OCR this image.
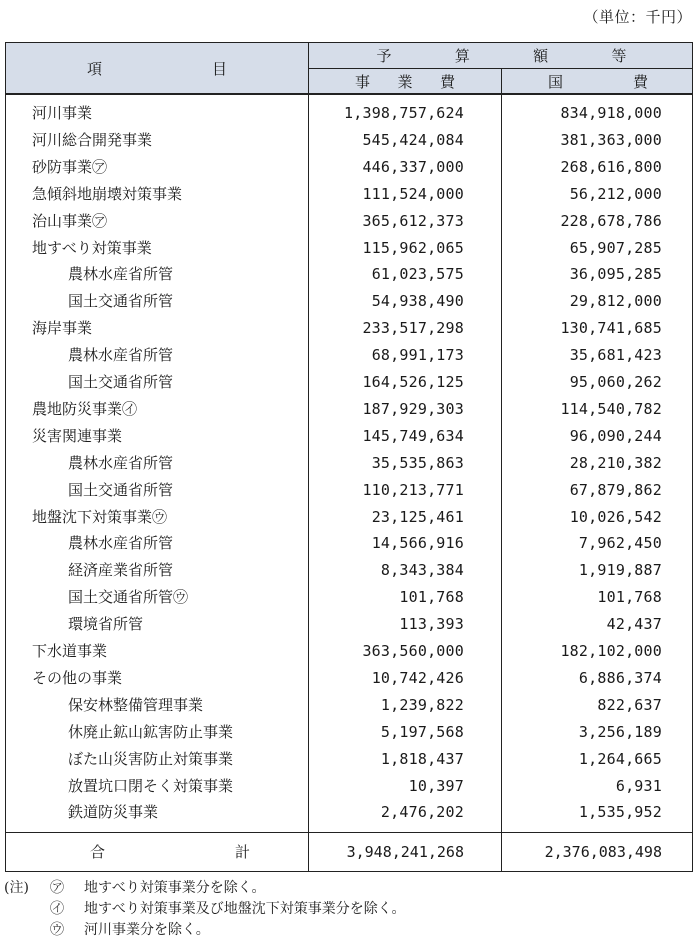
（単位：千円）
項	目
予	算	額	等
事 業 費	国	費
河川事業	1,398,757,624	834,918,000
河川総合開発事業	545,424,084	381,363,000
砂防事業㋐	446,337,000	268,616,800
急傾斜地崩壊対策事業	111,524,000	56,212,000
治山事業㋐	365,612,373	228,678,786
地すべり対策事業	115,962,065	65,907,285
農林水産省所管	61,023,575	36,095,285
国土交通省所管	54,938,490	29,812,000
海岸事業	233,517,298	130,741,685
農林水産省所管	68,991,173	35,681,423
国土交通省所管	164,526,125	95,060,262
農地防災事業㋑	187,929,303	114,540,782
災害関連事業	145,749,634	96,090,244
農林水産省所管	35,535,863	28,210,382
国土交通省所管	110,213,771	67,879,862
地盤沈下対策事業㋒	23,125,461	10,026,542
農林水産省所管	14,566,916	7,962,450
経済産業省所管	8,343,384	1,919,887
国土交通省所管㋒	101,768	101,768
環境省所管	113,393	42,437
下水道事業	363,560,000	182,102,000
その他の事業	10,742,426	6,886,374
保安林整備管理事業	1,239,822	822,637
休廃止鉱山鉱害防止事業	5,197,568	3,256,189
ぼた山災害防止対策事業	1,818,437	1,264,665
放置坑口閉そく対策事業	10,397	6,931
鉄道防災事業	2,476,202	1,535,952
合	計	3,948,241,268	2,376,083,498
(注) ㋐ 地すべり対策事業分を除く。
㋑ 地すべり対策事業及び地盤沈下対策事業分を除く。
㋒ 河川事業分を除く。
